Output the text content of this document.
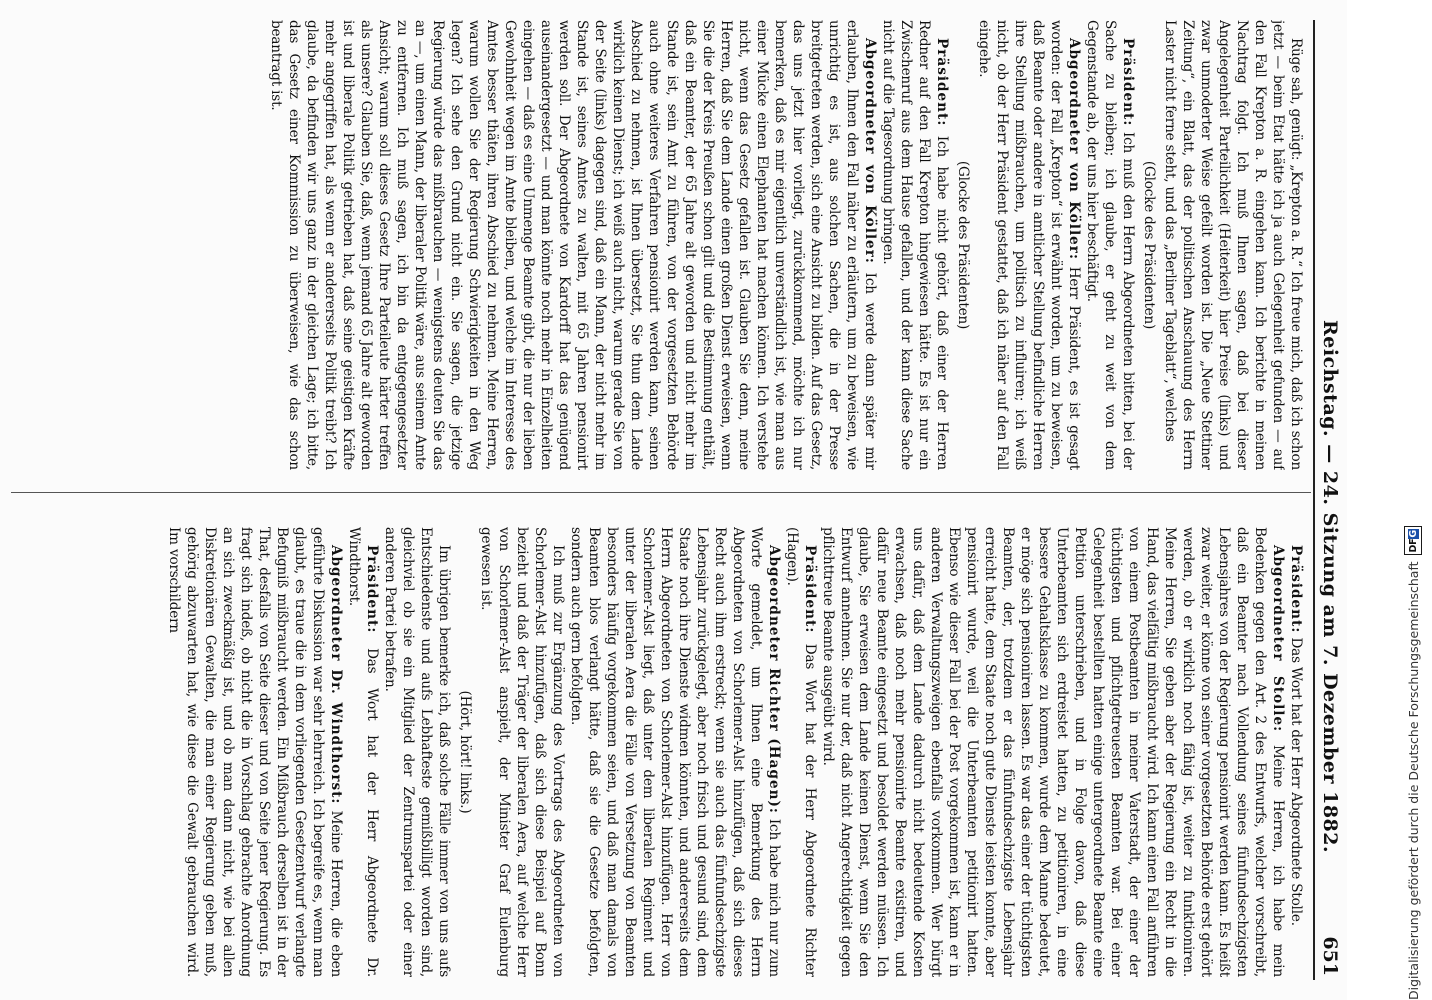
Reichstag. — 24. Sitzung am 7. Dezember 1882.
651

Rüge sah, genügt: „Krepton a. R.“ Ich freue mich, daß ich schon jetzt — beim Etat hätte ich ja auch Gelegenheit gefunden — auf den Fall Krepton a. R. eingehen kann. Ich berichte in meinen Nachtrag folgt. Ich muß Ihnen sagen, daß bei dieser Angelegenheit Parteilichkeit (Heiterkeit) hier Preise (links) und zwar unmoderter Weise gefeilt worden ist. Die „Neue Stettiner Zeitung“, ein Blatt, das der politischen Anschauung des Herrn Laster nicht ferne steht, und das „Berliner Tageblatt“, welches

(Glocke des Präsidenten)

Präsident: Ich muß den Herrn Abgeordneten bitten, bei der Sache zu bleiben; ich glaube, er geht zu weit von dem Gegenstande ab, der uns hier beschäftigt.

Abgeordneter von Köller: Herr Präsident, es ist gesagt worden: der Fall „Krepton“ ist erwähnt worden, um zu beweisen, daß Beamte oder andere in amtlicher Stellung befindliche Herren ihre Stellung mißbrauchen, um politisch zu influiren; ich weiß nicht, ob der Herr Präsident gestattet, daß ich näher auf den Fall eingehe.

(Glocke des Präsidenten)

Präsident: Ich habe nicht gehört, daß einer der Herren Redner auf den Fall Krepton hingewiesen hätte. Es ist nur ein Zwischenruf aus dem Hause gefallen, und der kann diese Sache nicht auf die Tagesordnung bringen.

Abgeordneter von Köller: Ich werde dann später mir erlauben, Ihnen den Fall näher zu erläutern, um zu beweisen, wie unrichtig es ist, aus solchen Sachen, die in der Presse breitgetreten werden, sich eine Ansicht zu bilden. Auf das Gesetz, das uns jetzt hier vorliegt, zurückkommend, möchte ich nur bemerken, daß es mir eigentlich unverständlich ist, wie man aus einer Mücke einen Elephanten hat machen können. Ich verstehe nicht, wenn das Gesetz gefallen ist. Glauben Sie denn, meine Herren, daß Sie dem Lande einen großen Dienst erweisen, wenn Sie die der Kreis Preußen schon gilt und die Bestimmung enthält, daß ein Beamter, der 65 Jahre alt geworden und nicht mehr im Stande ist, sein Amt zu führen, von der vorgesetzten Behörde auch ohne weiteres Verfahren pensionirt werden kann, seinen Abschied zu nehmen, ist Ihnen übersetzt, Sie thun dem Lande wirklich keinen Dienst; ich weiß auch nicht, warum gerade Sie von der Seite (links) dagegen sind, daß ein Mann, der nicht mehr im Stande ist, seines Amtes zu walten, mit 65 Jahren pensionirt werden soll. Der Abgeordnete von Kardorff hat das genügend auseinandergesetzt — und man könnte noch mehr in Einzelheiten eingehen — daß es eine Unmenge Beamte gibt, die nur der lieben Gewohnheit wegen im Amte bleiben, und welche im Interesse des Amtes besser thäten, ihren Abschied zu nehmen. Meine Herren, warum wollen Sie der Regierung Schwierigkeiten in den Weg legen? Ich sehe den Grund nicht ein. Sie sagen, die jetzige Regierung würde das mißbrauchen — wenigstens deuten Sie das an —, um einen Mann, der liberaler Politik wäre, aus seinem Amte zu entfernen. Ich muß sagen, ich bin da entgegengesetzter Ansicht; warum soll dieses Gesetz Ihre Parteileute härter treffen als unsere? Glauben Sie, daß, wenn jemand 65 Jahre alt geworden ist und liberale Politik getrieben hat, daß seine geistigen Kräfte mehr angegriffen hat, als wenn er andererseits Politik treibt? Ich glaube, da befinden wir uns ganz in der gleichen Lage; ich bitte, das Gesetz einer Kommission zu überweisen, wie das schon beantragt ist.

Präsident: Das Wort hat der Herr Abgeordnete Stolle.

Abgeordneter Stolle: Meine Herren, ich habe mein Bedenken gegen den Art. 2 des Entwurfs, welcher vorschreibt, daß ein Beamter nach Vollendung seines fünfundsechzigsten Lebensjahres von der Regierung pensionirt werden kann. Es heißt zwar weiter, er könne von seiner vorgesetzten Behörde erst gehört werden, ob er wirklich noch fähig ist, weiter zu funktioniren. Meine Herren, Sie geben aber der Regierung ein Recht in die Hand, das vielfältig mißbraucht wird. Ich kann einen Fall anführen von einem Postbeamten in meiner Vaterstadt, der einer der tüchtigsten und pflichtgetreuesten Beamten war. Bei einer Gelegenheit bestellten hatten einige untergeordnete Beamte eine Petition unterschrieben, und in Folge davon, daß diese Unterbeamten sich erdreistet hatten, zu petitioniren, in eine bessere Gehaltsklasse zu kommen, wurde dem Manne bedeutet, er möge sich pensioniren lassen. Es war das einer der tüchtigsten Beamten, der, trotzdem er das fünfundsechzigste Lebensjahr erreicht hatte, dem Staate noch gute Dienste leisten konnte, aber pensionirt wurde, weil die Unterbeamten petitionirt hatten. Ebenso wie dieser Fall bei der Post vorgekommen ist, kann er in anderen Verwaltungszweigen ebenfalls vorkommen. Wer bürgt uns dafür, daß dem Lande dadurch nicht bedeutende Kosten erwachsen, daß noch mehr pensionirte Beamte existiren, und dafür neue Beamte eingesetzt und besoldet werden müssen. Ich glaube, Sie erweisen dem Lande keinen Dienst, wenn Sie den Entwurf annehmen. Sie nur der, daß nicht Angerechtigkeit gegen pflichttreue Beamte ausgeübt wird.

Präsident: Das Wort hat der Herr Abgeordnete Richter (Hagen).

Abgeordneter Richter (Hagen): Ich habe mich nur zum Worte gemeldet, um Ihnen eine Bemerkung des Herrn Abgeordneten von Schorlemer-Alst hinzufügen, daß sich dieses Recht auch ihm erstreckt; wenn sie auch das fünfundsechzigste Lebensjahr zurückgelegt, aber noch frisch und gesund sind, dem Staate noch ihre Dienste widmen könnten, und andererseits dem Herrn Abgeordneten von Schorlemer-Alst hinzufügen. Herr von Schorlemer-Alst liegt, daß unter dem liberalen Regiment und unter der liberalen Aera die Fälle von Versetzung von Beamten besonders häufig vorgekommen seien, und daß man damals von Beamten blos verlangt hätte, daß sie die Gesetze befolgten, sondern auch gern befolgten.

Ich muß zur Ergänzung des Vortrags des Abgeordneten von Schorlemer-Alst hinzufügen, daß sich diese Beispiel auf Bonn bezieht und daß der Träger der liberalen Aera, auf welche Herr von Schorlemer-Alst anspielt, der Minister Graf Eulenburg gewesen ist.

(Hört, hört! links.)

Im übrigen bemerke ich, daß solche Fälle immer von uns aufs Entschiedenste und aufs Lebhafteste gemißbilligt worden sind, gleichviel ob sie ein Mitglied der Zentrumspartei oder einer anderen Partei betrafen.

Präsident: Das Wort hat der Herr Abgeordnete Dr. Windthorst.

Abgeordneter Dr. Windthorst: Meine Herren, die eben geführte Diskussion war sehr lehrreich. Ich begreife es, wenn man glaubt, es traue die in dem vorliegenden Gesetzentwurf verlangte Befugniß mißbraucht werden. Ein Mißbrauch derselben ist in der That, desfalls von Seite dieser und von Seite jener Regierung. Es fragt sich indeß, ob nicht die in Vorschlag gebrachte Anordnung an sich zweckmäßig ist, und ob man dann nicht, wie bei allen Diskretionären Gewalten, die man einer Regierung geben muß, gehörig abzuwarten hat, wie diese die Gewalt gebrauchen wird. Im vorschildern	Digitalisierung gefördert durch die Deutsche Forschungsgemeinschaft
DF
G
